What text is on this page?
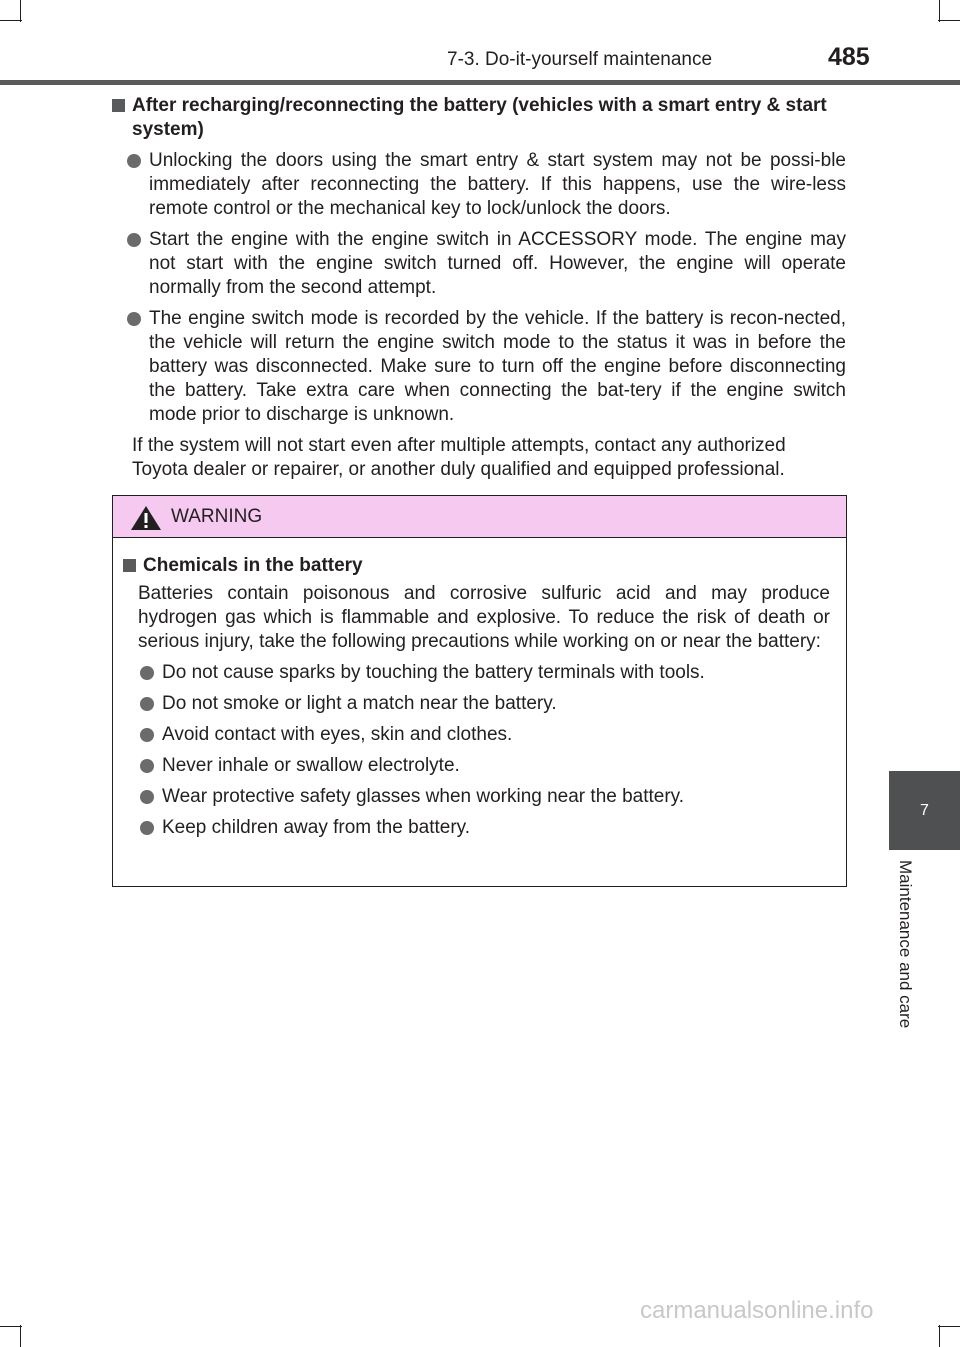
7-3. Do-it-yourself maintenance	485
After recharging/reconnecting the battery (vehicles with a smart entry & start system)
Unlocking the doors using the smart entry & start system may not be possi-ble immediately after reconnecting the battery. If this happens, use the wire-less remote control or the mechanical key to lock/unlock the doors.
Start the engine with the engine switch in ACCESSORY mode. The engine may not start with the engine switch turned off. However, the engine will operate normally from the second attempt.
The engine switch mode is recorded by the vehicle. If the battery is recon-nected, the vehicle will return the engine switch mode to the status it was in before the battery was disconnected. Make sure to turn off the engine before disconnecting the battery. Take extra care when connecting the bat-tery if the engine switch mode prior to discharge is unknown.
If the system will not start even after multiple attempts, contact any authorized Toyota dealer or repairer, or another duly qualified and equipped professional.
WARNING
Chemicals in the battery
Batteries contain poisonous and corrosive sulfuric acid and may produce hydrogen gas which is flammable and explosive. To reduce the risk of death or serious injury, take the following precautions while working on or near the battery:
Do not cause sparks by touching the battery terminals with tools.
Do not smoke or light a match near the battery.
Avoid contact with eyes, skin and clothes.
Never inhale or swallow electrolyte.
Wear protective safety glasses when working near the battery.
Keep children away from the battery.
7
Maintenance and care
carmanualsonline.info
